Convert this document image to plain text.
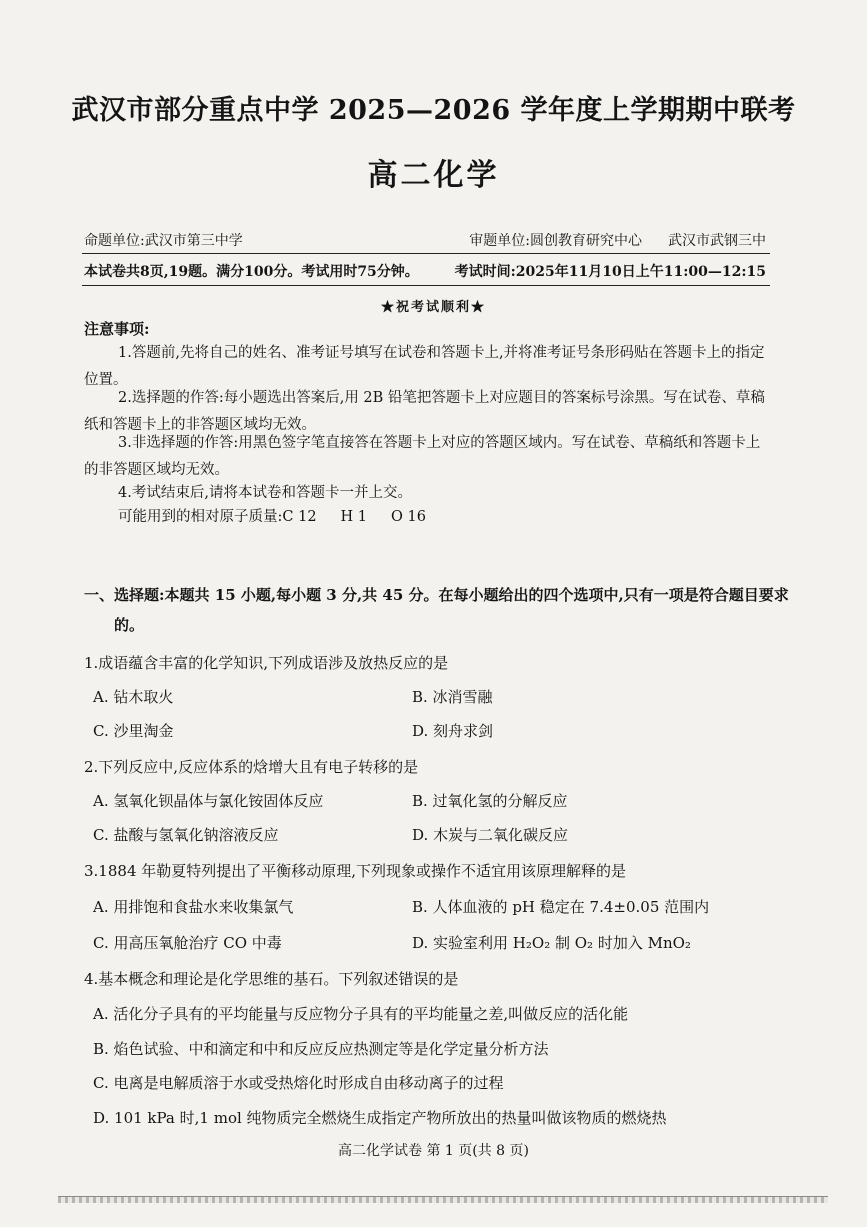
武汉市部分重点中学 2025—2026 学年度上学期期中联考
高二化学
命题单位:武汉市第三中学	审题单位:圆创教育研究中心 武汉市武钢三中
本试卷共8页,19题。满分100分。考试用时75分钟。	考试时间:2025年11月10日上午11:00—12:15
★祝考试顺利★
注意事项:
1.答题前,先将自己的姓名、准考证号填写在试卷和答题卡上,并将准考证号条形码贴在答题卡上的指定位置。
2.选择题的作答:每小题选出答案后,用 2B 铅笔把答题卡上对应题目的答案标号涂黑。写在试卷、草稿纸和答题卡上的非答题区域均无效。
3.非选择题的作答:用黑色签字笔直接答在答题卡上对应的答题区域内。写在试卷、草稿纸和答题卡上的非答题区域均无效。
4.考试结束后,请将本试卷和答题卡一并上交。
可能用到的相对原子质量:C 12 H 1 O 16
一、选择题:本题共 15 小题,每小题 3 分,共 45 分。在每小题给出的四个选项中,只有一项是符合题目要求的。
1.成语蕴含丰富的化学知识,下列成语涉及放热反应的是
A. 钻木取火	B. 冰消雪融
C. 沙里淘金	D. 刻舟求剑
2.下列反应中,反应体系的焓增大且有电子转移的是
A. 氢氧化钡晶体与氯化铵固体反应	B. 过氧化氢的分解反应
C. 盐酸与氢氧化钠溶液反应	D. 木炭与二氧化碳反应
3.1884 年勒夏特列提出了平衡移动原理,下列现象或操作不适宜用该原理解释的是
A. 用排饱和食盐水来收集氯气	B. 人体血液的 pH 稳定在 7.4±0.05 范围内
C. 用高压氧舱治疗 CO 中毒	D. 实验室利用 H₂O₂ 制 O₂ 时加入 MnO₂
4.基本概念和理论是化学思维的基石。下列叙述错误的是
A. 活化分子具有的平均能量与反应物分子具有的平均能量之差,叫做反应的活化能
B. 焰色试验、中和滴定和中和反应反应热测定等是化学定量分析方法
C. 电离是电解质溶于水或受热熔化时形成自由移动离子的过程
D. 101 kPa 时,1 mol 纯物质完全燃烧生成指定产物所放出的热量叫做该物质的燃烧热
高二化学试卷 第 1 页(共 8 页)
